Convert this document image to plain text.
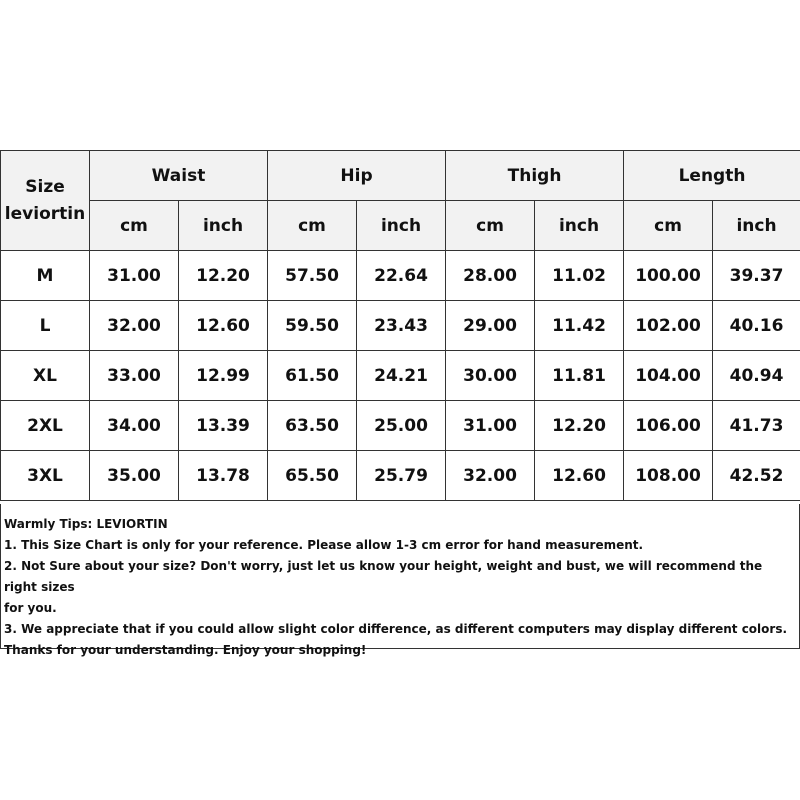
Size
leviortin	Waist		Hip		Thigh		Length	
	cm	inch	cm	inch	cm	inch	cm	inch
M	31.00	12.20	57.50	22.64	28.00	11.02	100.00	39.37
L	32.00	12.60	59.50	23.43	29.00	11.42	102.00	40.16
XL	33.00	12.99	61.50	24.21	30.00	11.81	104.00	40.94
2XL	34.00	13.39	63.50	25.00	31.00	12.20	106.00	41.73
3XL	35.00	13.78	65.50	25.79	32.00	12.60	108.00	42.52
Warmly Tips: LEVIORTIN
1. This Size Chart is only for your reference. Please allow 1-3 cm error for hand measurement.
2. Not Sure about your size? Don't worry, just let us know your height, weight and bust, we will recommend the right sizes
for you.
3. We appreciate that if you could allow slight color difference, as different computers may display different colors.
Thanks for your understanding. Enjoy your shopping!
